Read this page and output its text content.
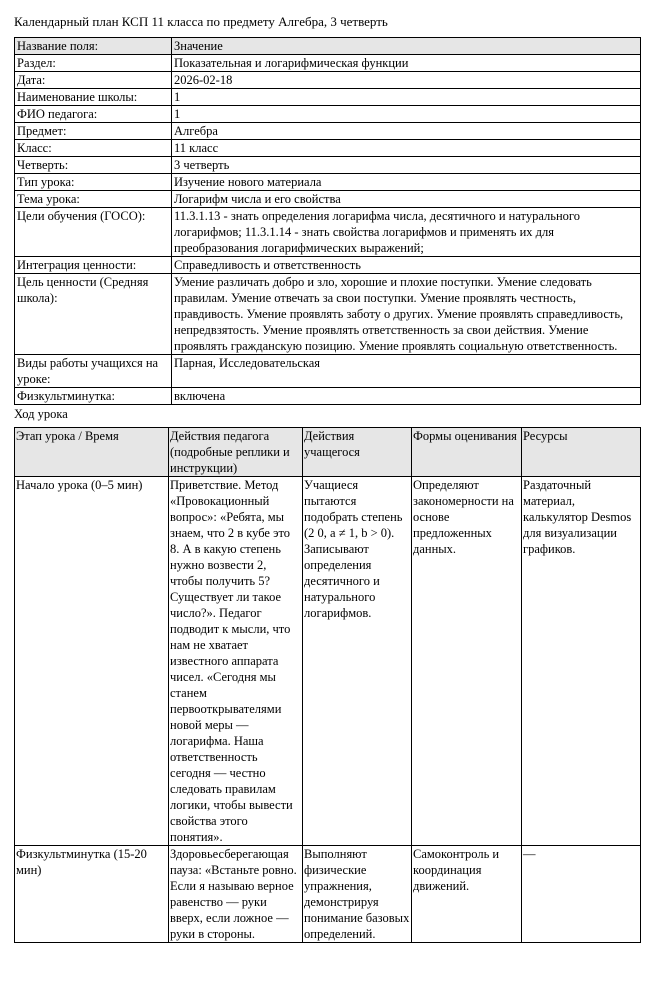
Календарный план КСП 11 класса по предмету Алгебра, 3 четверть
Название поля:	Значение
Раздел:	Показательная и логарифмическая функции
Дата:	2026-02-18
Наименование школы:	1
ФИО педагога:	1
Предмет:	Алгебра
Класс:	11 класс
Четверть:	3 четверть
Тип урока:	Изучение нового материала
Тема урока:	Логарифм числа и его свойства
Цели обучения (ГОСО):	11.3.1.13 - знать определения логарифма числа, десятичного и натурального логарифмов; 11.3.1.14 - знать свойства логарифмов и применять их для преобразования логарифмических выражений;
Интеграция ценности:	Справедливость и ответственность
Цель ценности (Средняя школа):	Умение различать добро и зло, хорошие и плохие поступки. Умение следовать правилам. Умение отвечать за свои поступки. Умение проявлять честность, правдивость. Умение проявлять заботу о других. Умение проявлять справедливость, непредвзятость. Умение проявлять ответственность за свои действия. Умение проявлять гражданскую позицию. Умение проявлять социальную ответственность.
Виды работы учащихся на уроке:	Парная, Исследовательская
Физкультминутка:	включена
Ход урока
Этап урока / Время	Действия педагога (подробные реплики и инструкции)	Действия учащегося	Формы оценивания	Ресурсы
Начало урока (0–5 мин)	Приветствие. Метод «Провокационный вопрос»: «Ребята, мы знаем, что 2 в кубе это 8. А в какую степень нужно возвести 2, чтобы получить 5? Существует ли такое число?». Педагог подводит к мысли, что нам не хватает известного аппарата чисел. «Сегодня мы станем первооткрывателями новой меры — логарифма. Наша ответственность сегодня — честно следовать правилам логики, чтобы вывести свойства этого понятия».	Учащиеся пытаются подобрать степень (2 0, a ≠ 1, b > 0). Записывают определения десятичного и натурального логарифмов.	Определяют закономерности на основе предложенных данных.	Раздаточный материал, калькулятор Desmos для визуализации графиков.
Физкультминутка (15-20 мин)	Здоровьесберегающая пауза: «Встаньте ровно. Если я называю верное равенство — руки вверх, если ложное — руки в стороны.	Выполняют физические упражнения, демонстрируя понимание базовых определений.	Самоконтроль и координация движений.	—
